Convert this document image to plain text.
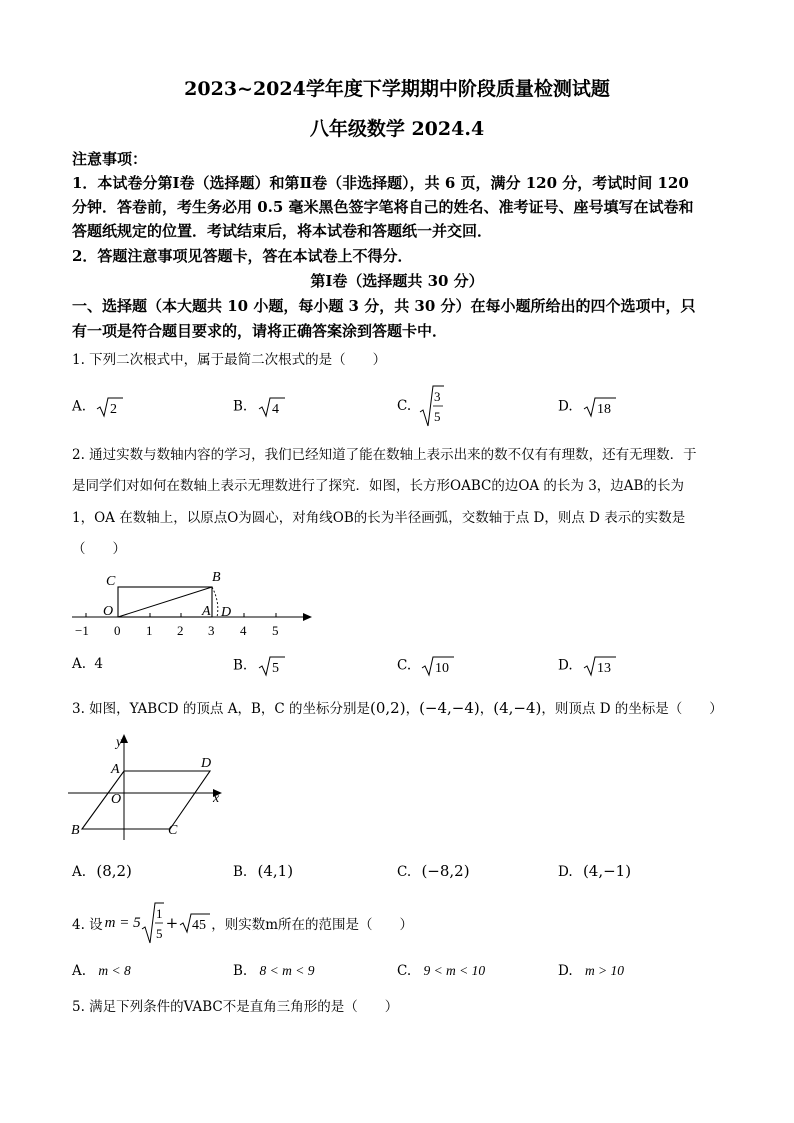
2023~2024学年度下学期期中阶段质量检测试题
八年级数学 2024.4
注意事项：
1．本试卷分第Ⅰ卷（选择题）和第Ⅱ卷（非选择题），共 6 页，满分 120 分，考试时间 120
分钟．答卷前，考生务必用 0.5 毫米黑色签字笔将自己的姓名、准考证号、座号填写在试卷和
答题纸规定的位置．考试结束后，将本试卷和答题纸一并交回．
2．答题注意事项见答题卡，答在本试卷上不得分．
第Ⅰ卷（选择题共 30 分）
一、选择题（本大题共 10 小题，每小题 3 分，共 30 分）在每小题所给出的四个选项中，只
有一项是符合题目要求的，请将正确答案涂到答题卡中．
1. 下列二次根式中，属于最简二次根式的是（　　）
A. 2	B. 4	C.
3
5
D. 18
2. 通过实数与数轴内容的学习，我们已经知道了能在数轴上表示出来的数不仅有有理数，还有无理数．于
是同学们对如何在数轴上表示无理数进行了探究．如图，长方形OABC的边OA 的长为 3，边AB的长为
1，OA 在数轴上，以原点O为圆心，对角线OB的长为半径画弧，交数轴于点 D，则点 D 表示的实数是
（　　）
C	B
O	A D
−1 0 1 2 3 4 5
A. 4	B. 5	C. 10	D. 13
3. 如图，YABCD 的顶点 A，B，C 的坐标分别是(0,2)，(−4,−4)，(4,−4)，则顶点 D 的坐标是（　　）
y
x
A	D
O
B	C
A. (8,2)	B. (4,1)	C. (−8,2)	D. (4,−1)
4. 设 m = 5
1
5
+ 45 ，则实数m所在的范围是（　　）
A. m < 8	B. 8 < m < 9	C. 9 < m < 10	D. m > 10
5. 满足下列条件的VABC不是直角三角形的是（　　）
